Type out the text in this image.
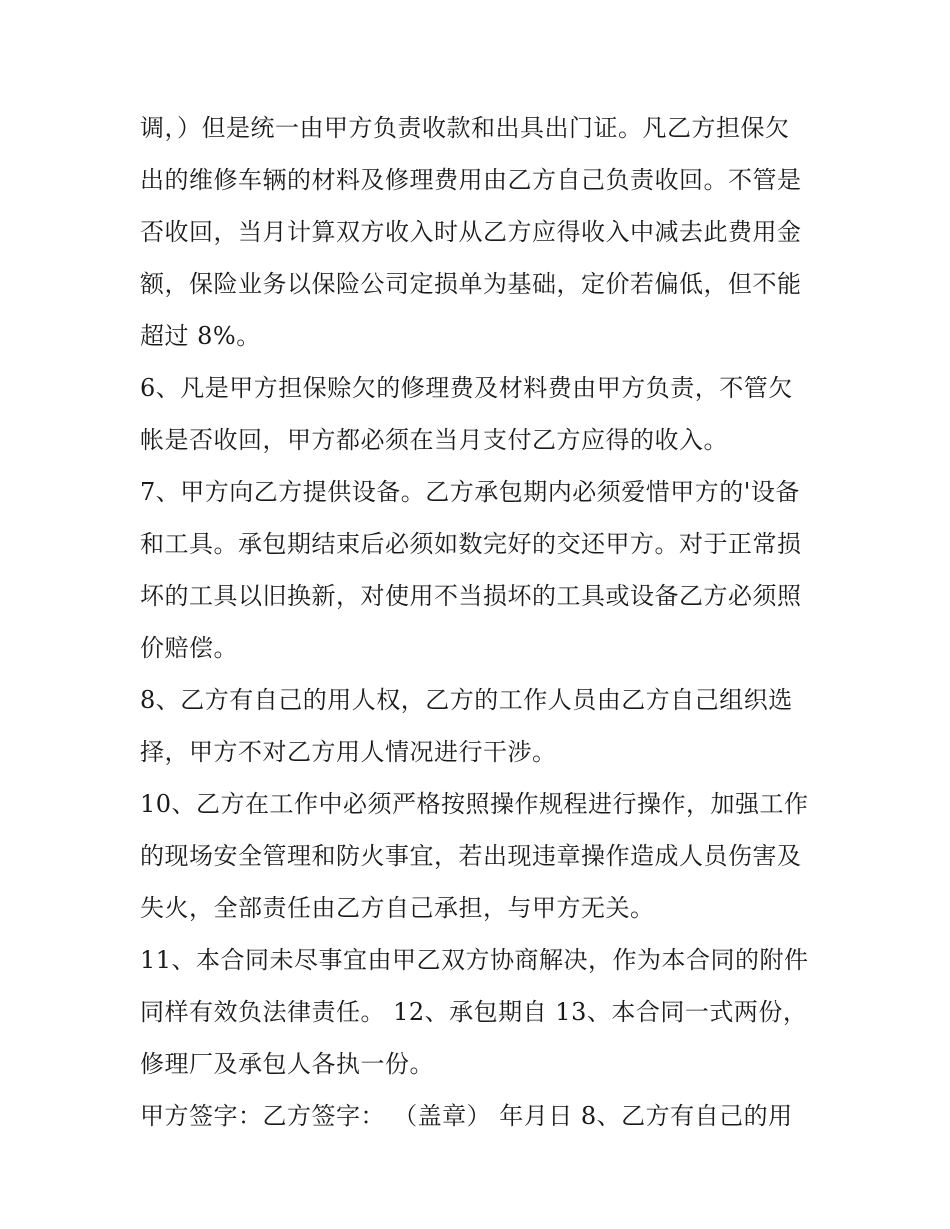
调，）但是统一由甲方负责收款和出具出门证。凡乙方担保欠
出的维修车辆的材料及修理费用由乙方自己负责收回。不管是
否收回，当月计算双方收入时从乙方应得收入中减去此费用金
额，保险业务以保险公司定损单为基础，定价若偏低，但不能
超过 8%。
6、凡是甲方担保赊欠的修理费及材料费由甲方负责，不管欠
帐是否收回，甲方都必须在当月支付乙方应得的收入。
7、甲方向乙方提供设备。乙方承包期内必须爱惜甲方的'设备
和工具。承包期结束后必须如数完好的交还甲方。对于正常损
坏的工具以旧换新，对使用不当损坏的工具或设备乙方必须照
价赔偿。
8、乙方有自己的用人权，乙方的工作人员由乙方自己组织选
择，甲方不对乙方用人情况进行干涉。
10、乙方在工作中必须严格按照操作规程进行操作，加强工作
的现场安全管理和防火事宜，若出现违章操作造成人员伤害及
失火，全部责任由乙方自己承担，与甲方无关。
11、本合同未尽事宜由甲乙双方协商解决，作为本合同的附件
同样有效负法律责任。 12、承包期自 13、本合同一式两份，
修理厂及承包人各执一份。
甲方签字：乙方签字： （盖章） 年月日 8、乙方有自己的用
